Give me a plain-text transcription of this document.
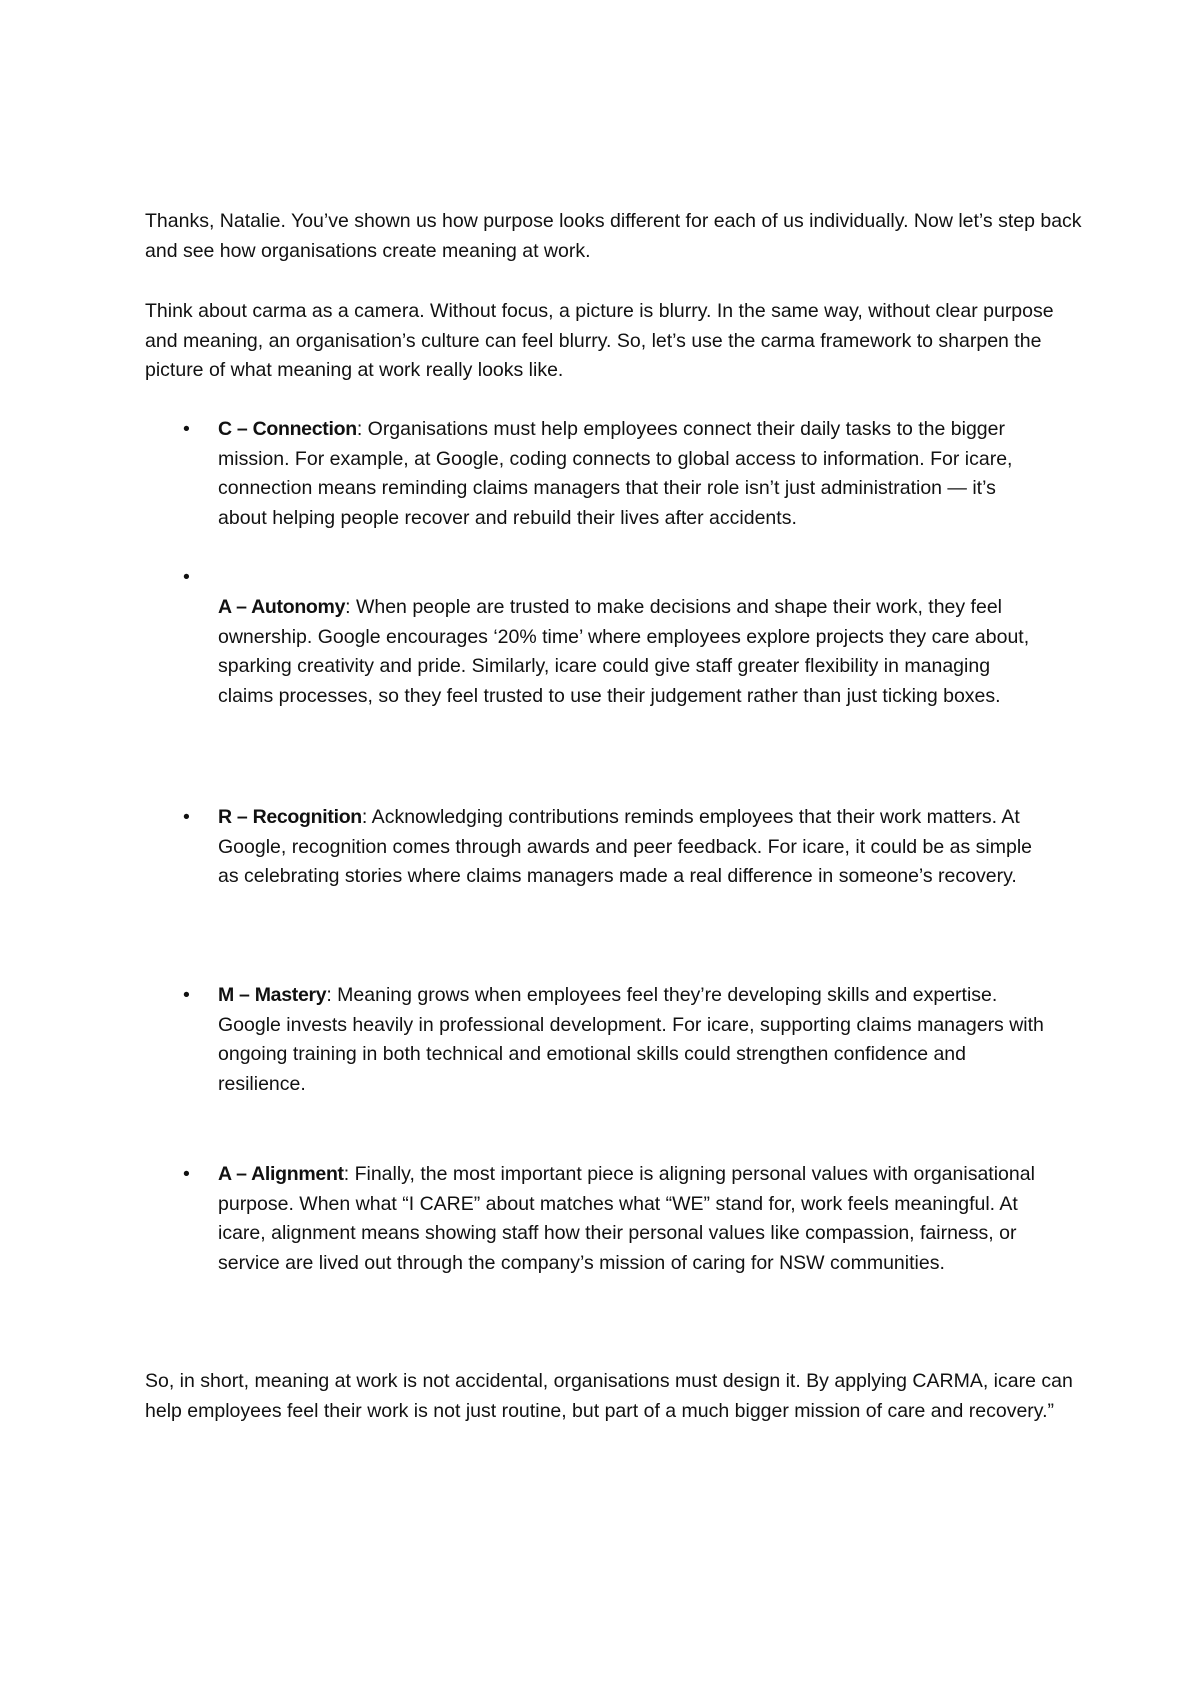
Thanks, Natalie. You’ve shown us how purpose looks different for each of us individually. Now let’s step back and see how organisations create meaning at work.

Think about carma as a camera. Without focus, a picture is blurry. In the same way, without clear purpose and meaning, an organisation’s culture can feel blurry. So, let’s use the carma framework to sharpen the picture of what meaning at work really looks like.

• C – Connection: Organisations must help employees connect their daily tasks to the bigger mission. For example, at Google, coding connects to global access to information. For icare, connection means reminding claims managers that their role isn’t just administration — it’s about helping people recover and rebuild their lives after accidents.

•

A – Autonomy: When people are trusted to make decisions and shape their work, they feel ownership. Google encourages ‘20% time’ where employees explore projects they care about, sparking creativity and pride. Similarly, icare could give staff greater flexibility in managing claims processes, so they feel trusted to use their judgement rather than just ticking boxes.

• R – Recognition: Acknowledging contributions reminds employees that their work matters. At Google, recognition comes through awards and peer feedback. For icare, it could be as simple as celebrating stories where claims managers made a real difference in someone’s recovery.

• M – Mastery: Meaning grows when employees feel they’re developing skills and expertise. Google invests heavily in professional development. For icare, supporting claims managers with ongoing training in both technical and emotional skills could strengthen confidence and resilience.

• A – Alignment: Finally, the most important piece is aligning personal values with organisational purpose. When what “I CARE” about matches what “WE” stand for, work feels meaningful. At icare, alignment means showing staff how their personal values like compassion, fairness, or service are lived out through the company’s mission of caring for NSW communities.

So, in short, meaning at work is not accidental, organisations must design it. By applying CARMA, icare can help employees feel their work is not just routine, but part of a much bigger mission of care and recovery.”
